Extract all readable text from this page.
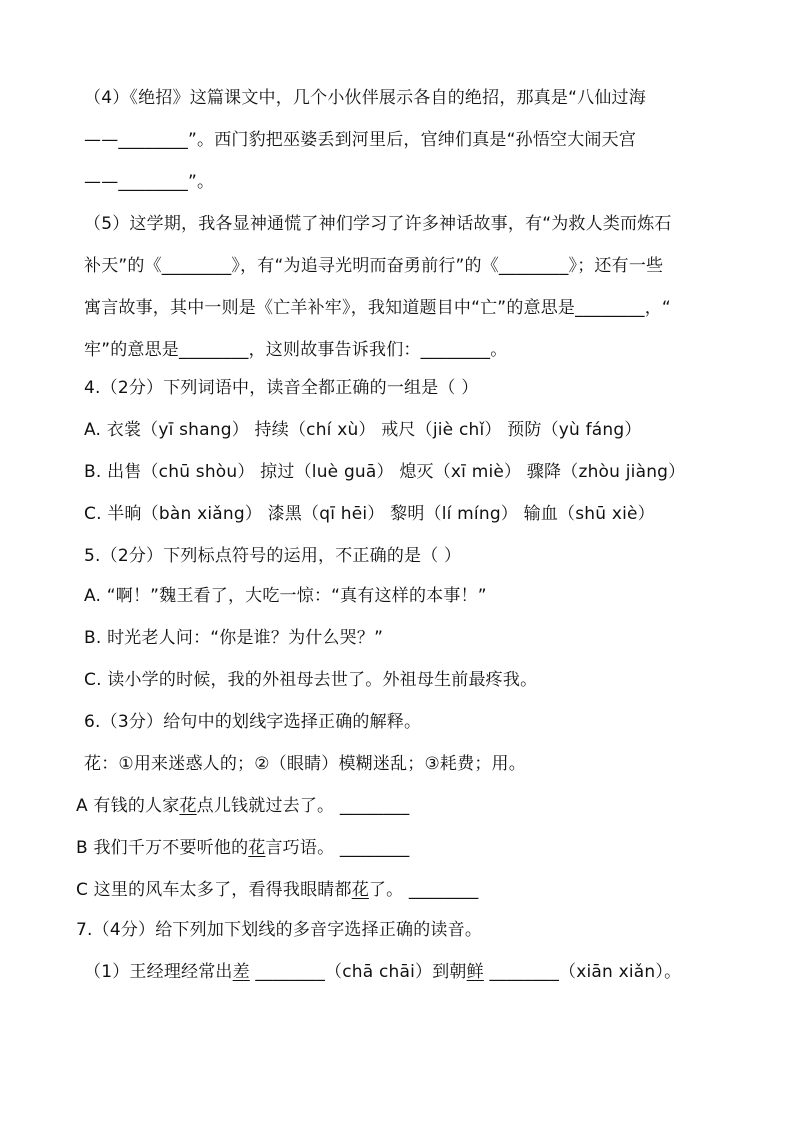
（4）《绝招》这篇课文中，几个小伙伴展示各自的绝招，那真是“八仙过海
——________”。西门豹把巫婆丢到河里后，官绅们真是“孙悟空大闹天宫
——________”。
（5）这学期，我各显神通慌了神们学习了许多神话故事，有“为救人类而炼石
补天”的《________》，有“为追寻光明而奋勇前行”的《________》；还有一些
寓言故事，其中一则是《亡羊补牢》，我知道题目中“亡”的意思是________，“
牢”的意思是________，这则故事告诉我们：________。
4.（2分）下列词语中，读音全都正确的一组是（ ）
A. 衣裳（yī shang） 持续（chí xù） 戒尺（jiè chǐ） 预防（yù fáng）
B. 出售（chū shòu） 掠过（luè guā） 熄灭（xī miè） 骤降（zhòu jiàng）
C. 半晌（bàn xiǎng） 漆黑（qī hēi） 黎明（lí míng） 输血（shū xiè）
5.（2分）下列标点符号的运用，不正确的是（ ）
A. “啊！”魏王看了，大吃一惊：“真有这样的本事！”
B. 时光老人问：“你是谁？为什么哭？”
C. 读小学的时候，我的外祖母去世了。外祖母生前最疼我。
6.（3分）给句中的划线字选择正确的解释。
花：①用来迷惑人的；②（眼睛）模糊迷乱；③耗费；用。
A 有钱的人家花点儿钱就过去了。 ________
B 我们千万不要听他的花言巧语。 ________
C 这里的风车太多了，看得我眼睛都花了。 ________
7.（4分）给下列加下划线的多音字选择正确的读音。
（1）王经理经常出差 ________（chā chāi）到朝鲜 ________（xiān xiǎn）。
